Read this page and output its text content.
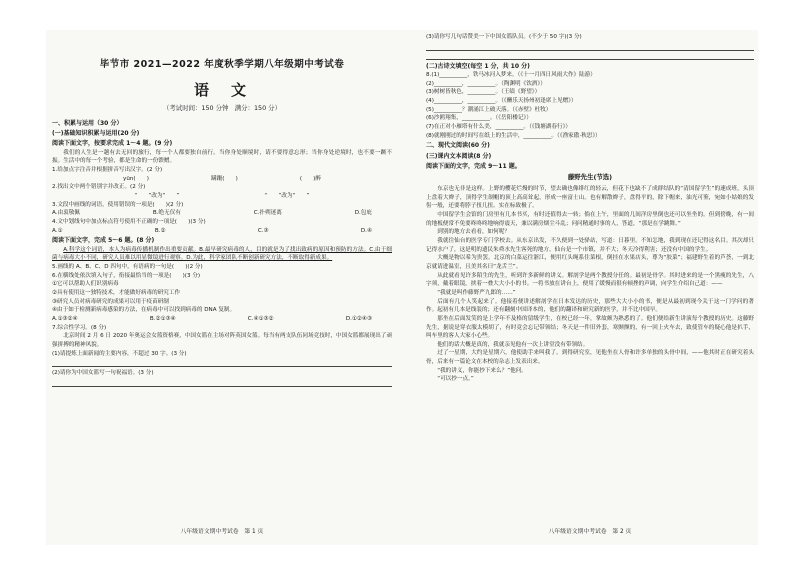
毕节市 2021—2022 年度秋季学期八年级期中考试卷
语文
（考试时间：150 分钟　满分：150 分）
一、积累与运用（30 分）
(一)基础知识积累与运用(20 分)
阅读下面文字，按要求完成 1～4 题。(9 分)
我们的人生是一趟有去无回的旅行，每一个人都要独自前行。当你身处顺境时，请不要得意忘形；当你身处逆境时，也不要一蹶不振。生活中的每一个考验，都是生命的一份馈赠。
1.给加点字注音并根据拼音写出汉字。(2 分)
yūn(　　)	蹒跚(　　)	(　　)醉
2.找出文中两个错别字并改正。(2 分)
“　　”改为“　　”	“　　”改为“　　”
3.文段中画线的词语，使用错误的一项是(　　)(2 分)
A.由衷敬佩	B.绝无仅有	C.扑朔迷离	D.包庇
4.文中划线句中加点标点符号使用不正确的一项是(　　)(3 分)
A.①	B.②	C.③	D.④
阅读下面文字，完成 5～6 题。(8 分)
A.科学这个词语，本人为病毒传播机制作出重要贡献。B.最早研究病毒的人，目的就是为了找出致病的原因和预防的方法。C.由于细菌与病毒大小不同，研究人员难以用显微镜进行观察。D.为此，科学家团队不断创新研究方法，不断取得新成果。
5.画线的 A、B、C、D 四句中，有语病的一句是(　　)(2 分)
6.在横线处依次填入句子，衔接最恰当的一项是(　　)(3 分)
①它可以帮助人们识别病毒
②具有使用这一独特技术，才能做好病毒的研究工作
③研究人员对病毒研究的成果可以用于疫苗研制
④由于如于检测新病毒感染的方法，在病毒中可以找到病毒的 DNA 复制。
A.①③②④	B.②①③④	C.④①③②	D.①②④③
7.综合性学习。(8 分)
北京时间 2 月 6 日 2020 年奥运会女篮资格赛，中国女篮在主场对阵英国女篮。每当有两支队伍同场竞技时，中国女篮都展现出了顽强拼搏的精神风貌。
(1)请提炼上面新闻的主要内容，不超过 30 字。(3 分)
(2)请你为中国女篮写一句祝福语。(3 分)
八年级语文期中考试卷　第 1 页
(3)请你写几句话赞美一下中国女篮队员。(不少于 50 字)(3 分)
(二)古诗文填空(每空 1 分，共 10 分)
8.(1)__________，铁马冰河入梦来。（《十一月四日风雨大作》陆游）
(2)__________，__________。（陶渊明《饮酒》）
(3)树树皆秋色，__________。（王绩《野望》）
(4)__________，__________。（《酬乐天扬州初逢席上见赠》）
(5)__________？潮涌江上破天落。（《赤壁》杜牧）
(6)沙鸥翔集，__________。（《岳阳楼记》）
(7)在正对小雁塔有什么美，__________。（《钱塘湖春行》）
(8)就刚刚过的时间写在纸上的生活中，__________。（《渔家傲·秋思》）
二、现代文阅读(60 分)
(三)课内文本阅读(8 分)
阅读下面的文字，完成 9～11 题。
藤野先生(节选)
东京也无非是这样。上野的樱花烂熳的时节，望去确也像绯红的轻云，但花下也缺不了成群结队的“清国留学生”的速成班，头顶上盘着大辫子，顶得学生制帽的顶上高高耸起，形成一座富士山。也有解散辫子，盘得平的，除下帽来，油光可鉴，宛如小姑娘的发髻一般，还要将脖子扭几扭。实在标致极了。
中国留学生会馆的门房里有几本书买，有时还值得去一转；倘在上午，里面的几间洋房里倒也还可以坐坐的。但到傍晚，有一间的地板便常不免要咚咚咚地响得震天，兼以满房烟尘斗乱；问问精通时事的人，答道，“那是在学跳舞。”
到别的地方去看看，如何呢？
我就往仙台的医学专门学校去。从东京出发，不久便到一处驿站，写道：日暮里。不知怎地，我到现在还记得这名目。其次却只记得水户了，这是明的遗民朱舜水先生客死的地方。仙台是一个市镇，并不大；冬天冷得利害；还没有中国的学生。
大概是物以希为贵罢。北京的白菜运往浙江，便用红头绳系住菜根，倒挂在水果店头，尊为“胶菜”；福建野生着的芦荟，一到北京就请进温室，且美其名曰“龙舌兰”。
从此就看见许多陌生的先生，听到许多新鲜的讲义。解剖学是两个教授分任的。最初是骨学。其时进来的是一个黑瘦的先生，八字须，戴着眼镜，挟着一叠大大小小的书。一将书放在讲台上，便用了缓慢而很有顿挫的声调，向学生介绍自己道：——
“我就是叫作藤野严九郎的……”
后面有几个人笑起来了。他接着便讲述解剖学在日本发达的历史，那些大大小小的书，便是从最初到现今关于这一门学问的著作。起初有几本是线装的；还有翻刻中国译本的，他们的翻译和研究新的医学，并不比中国早。
那坐在后面发笑的是上学年不及格的留级学生，在校已经一年，掌故颇为熟悉的了。他们便给新生讲演每个教授的历史。这藤野先生，据说是穿衣服太模胡了，有时竟会忘记带领结；冬天是一件旧外套，寒颤颤的，有一回上火车去，致使管车的疑心他是扒手，叫车里的客人大家小心些。
他们的话大概是真的，我就亲见他有一次上讲堂没有带领结。
过了一星期，大约是星期六，他使助手来叫我了。到得研究室，见他坐在人骨和许多单独的头骨中间，——他其时正在研究着头骨，后来有一篇论文在本校的杂志上发表出来。
“我的讲义，你能抄下来么？”他问。
“可以抄一点。”
八年级语文期中考试卷　第 2 页
